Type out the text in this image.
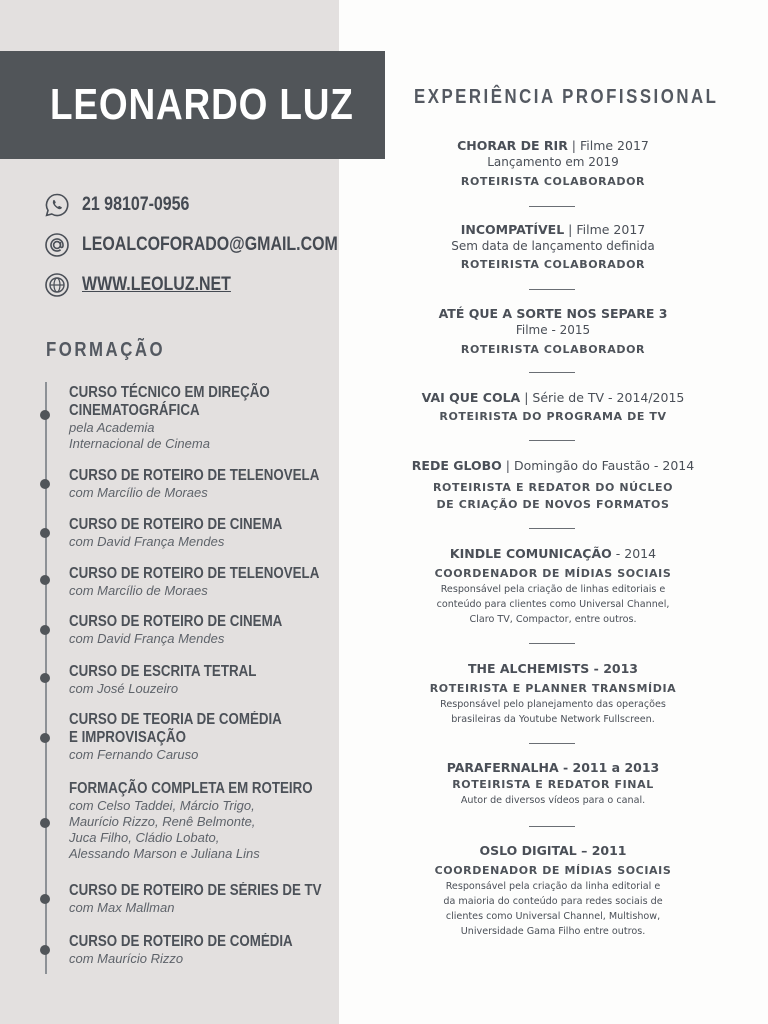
LEONARDO LUZ
21 98107-0956
LEOALCOFORADO@GMAIL.COM
WWW.LEOLUZ.NET
FORMAÇÃO
CURSO TÉCNICO EM DIREÇÃO
CINEMATOGRÁFICA
pela Academia
Internacional de Cinema
CURSO DE ROTEIRO DE TELENOVELA
com Marcílio de Moraes
CURSO DE ROTEIRO DE CINEMA
com David França Mendes
CURSO DE ROTEIRO DE TELENOVELA
com Marcílio de Moraes
CURSO DE ROTEIRO DE CINEMA
com David França Mendes
CURSO DE ESCRITA TETRAL
com José Louzeiro
CURSO DE TEORIA DE COMÉDIA
E IMPROVISAÇÃO
com Fernando Caruso
FORMAÇÃO COMPLETA EM ROTEIRO
com Celso Taddei, Márcio Trigo,
Maurício Rizzo, Renê Belmonte,
Juca Filho, Cládio Lobato,
Alessando Marson e Juliana Lins
CURSO DE ROTEIRO DE SÉRIES DE TV
com Max Mallman
CURSO DE ROTEIRO DE COMÉDIA
com Maurício Rizzo
EXPERIÊNCIA PROFISSIONAL
CHORAR DE RIR | Filme 2017
Lançamento em 2019
ROTEIRISTA COLABORADOR
INCOMPATÍVEL | Filme 2017
Sem data de lançamento definida
ROTEIRISTA COLABORADOR
ATÉ QUE A SORTE NOS SEPARE 3
Filme - 2015
ROTEIRISTA COLABORADOR
VAI QUE COLA | Série de TV - 2014/2015
ROTEIRISTA DO PROGRAMA DE TV
REDE GLOBO | Domingão do Faustão - 2014
ROTEIRISTA E REDATOR DO NÚCLEO
DE CRIAÇÃO DE NOVOS FORMATOS
KINDLE COMUNICAÇÃO - 2014
COORDENADOR DE MÍDIAS SOCIAIS
Responsável pela criação de linhas editoriais e
conteúdo para clientes como Universal Channel,
Claro TV, Compactor, entre outros.
THE ALCHEMISTS - 2013
ROTEIRISTA E PLANNER TRANSMÍDIA
Responsável pelo planejamento das operações
brasileiras da Youtube Network Fullscreen.
PARAFERNALHA - 2011 a 2013
ROTEIRISTA E REDATOR FINAL
Autor de diversos vídeos para o canal.
OSLO DIGITAL – 2011
COORDENADOR DE MÍDIAS SOCIAIS
Responsável pela criação da linha editorial e
da maioria do conteúdo para redes sociais de
clientes como Universal Channel, Multishow,
Universidade Gama Filho entre outros.
